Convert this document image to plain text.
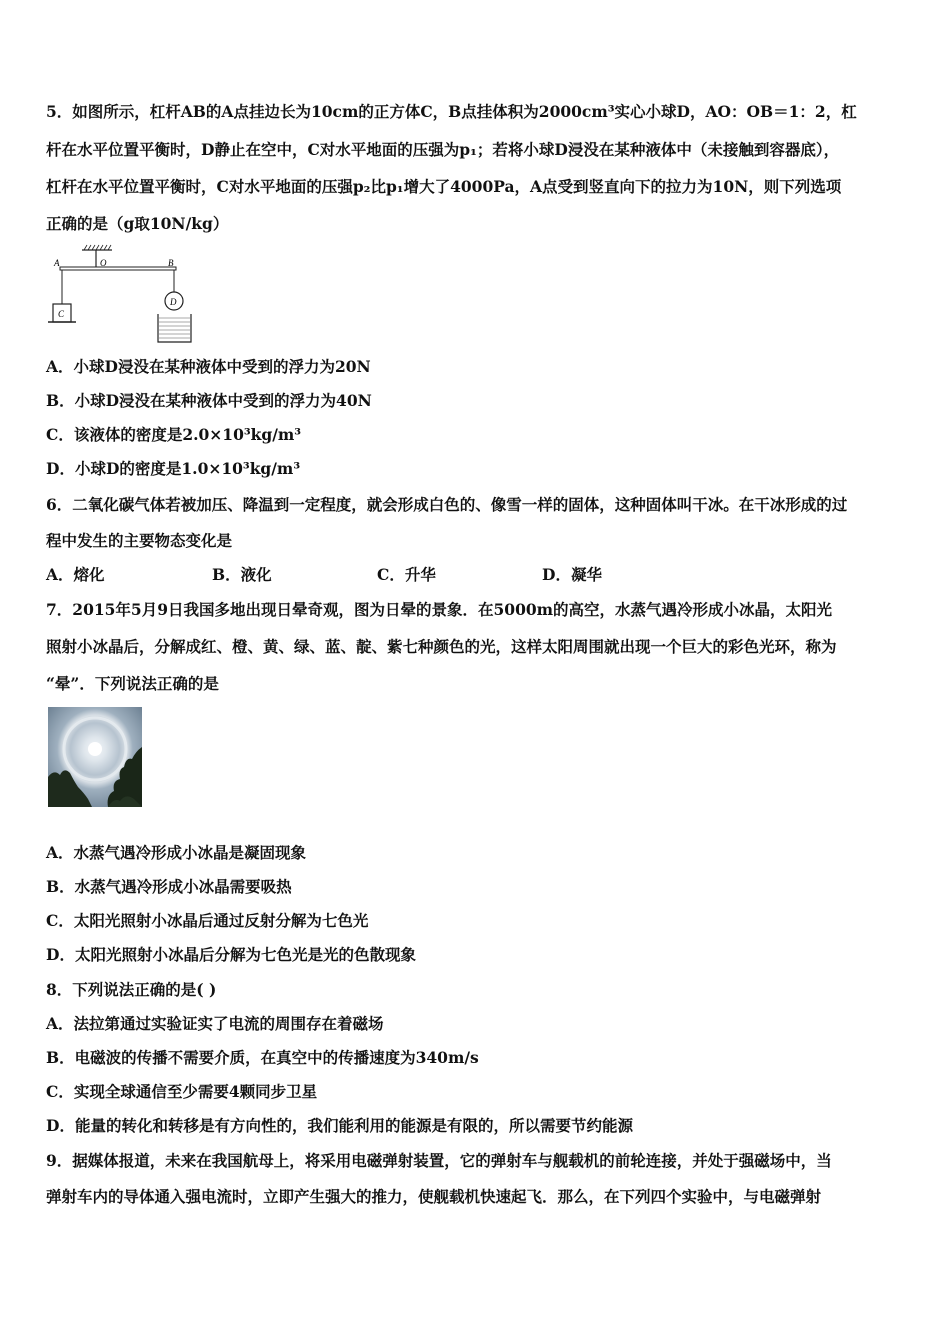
5．如图所示，杠杆AB的A点挂边长为10cm的正方体C，B点挂体积为2000cm³实心小球D，AO：OB＝1：2，杠
杆在水平位置平衡时，D静止在空中，C对水平地面的压强为p₁；若将小球D浸没在某种液体中（未接触到容器底），
杠杆在水平位置平衡时，C对水平地面的压强p₂比p₁增大了4000Pa，A点受到竖直向下的拉力为10N，则下列选项
正确的是（g取10N/kg）
A	O	B
C
D
A．小球D浸没在某种液体中受到的浮力为20N
B．小球D浸没在某种液体中受到的浮力为40N
C．该液体的密度是2.0×10³kg/m³
D．小球D的密度是1.0×10³kg/m³
6．二氧化碳气体若被加压、降温到一定程度，就会形成白色的、像雪一样的固体，这种固体叫干冰。在干冰形成的过
程中发生的主要物态变化是
A．熔化	B．液化	C．升华	D．凝华
7．2015年5月9日我国多地出现日晕奇观，图为日晕的景象．在5000m的高空，水蒸气遇冷形成小冰晶，太阳光
照射小冰晶后，分解成红、橙、黄、绿、蓝、靛、紫七种颜色的光，这样太阳周围就出现一个巨大的彩色光环，称为
“晕”．下列说法正确的是
A．水蒸气遇冷形成小冰晶是凝固现象
B．水蒸气遇冷形成小冰晶需要吸热
C．太阳光照射小冰晶后通过反射分解为七色光
D．太阳光照射小冰晶后分解为七色光是光的色散现象
8．下列说法正确的是( )
A．法拉第通过实验证实了电流的周围存在着磁场
B．电磁波的传播不需要介质，在真空中的传播速度为340m/s
C．实现全球通信至少需要4颗同步卫星
D．能量的转化和转移是有方向性的，我们能利用的能源是有限的，所以需要节约能源
9．据媒体报道，未来在我国航母上，将采用电磁弹射装置，它的弹射车与舰载机的前轮连接，并处于强磁场中，当
弹射车内的导体通入强电流时，立即产生强大的推力，使舰载机快速起飞．那么，在下列四个实验中，与电磁弹射
